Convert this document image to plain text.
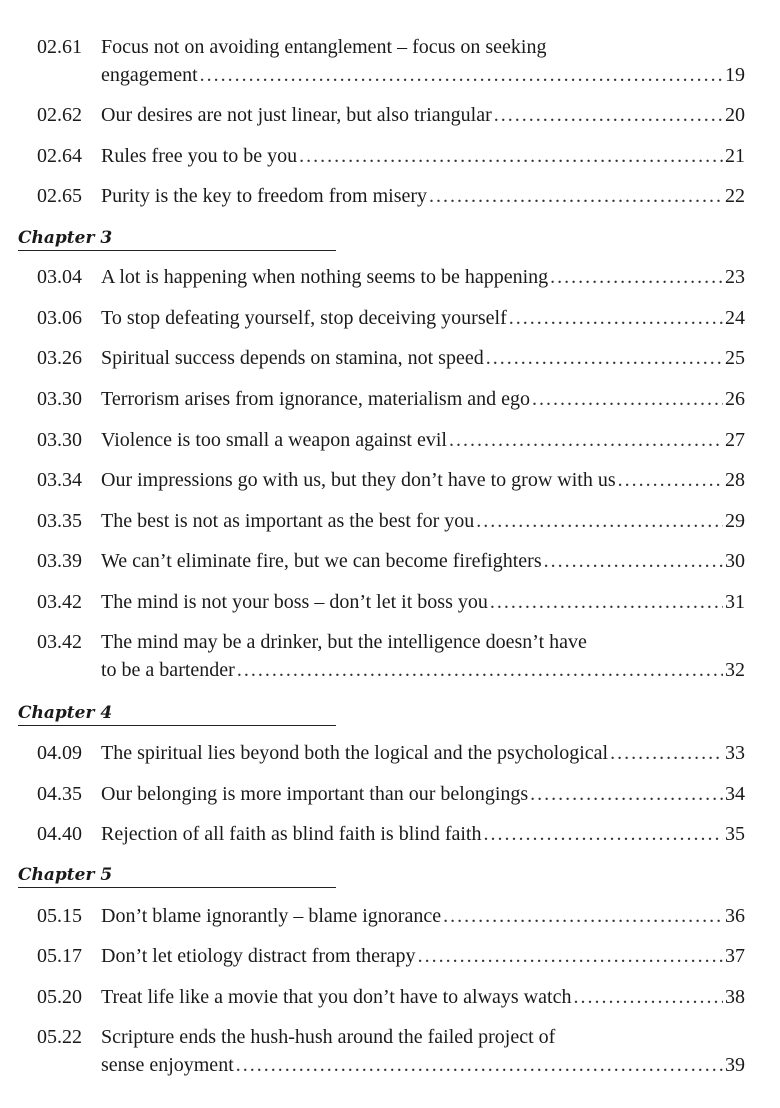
02.61 Focus not on avoiding entanglement – focus on seeking
engagement .....	19
02.62 Our desires are not just linear, but also triangular .....	20
02.64 Rules free you to be you .....	21
02.65 Purity is the key to freedom from misery .....	22
Chapter 3
03.04 A lot is happening when nothing seems to be happening .....	23
03.06 To stop defeating yourself, stop deceiving yourself .....	24
03.26 Spiritual success depends on stamina, not speed .....	25
03.30 Terrorism arises from ignorance, materialism and ego .....	26
03.30 Violence is too small a weapon against evil .....	27
03.34 Our impressions go with us, but they don’t have to grow with us .....	28
03.35 The best is not as important as the best for you .....	29
03.39 We can’t eliminate fire, but we can become firefighters .....	30
03.42 The mind is not your boss – don’t let it boss you .....	31
03.42 The mind may be a drinker, but the intelligence doesn’t have
to be a bartender .....	32
Chapter 4
04.09 The spiritual lies beyond both the logical and the psychological .....	33
04.35 Our belonging is more important than our belongings .....	34
04.40 Rejection of all faith as blind faith is blind faith .....	35
Chapter 5
05.15 Don’t blame ignorantly – blame ignorance .....	36
05.17 Don’t let etiology distract from therapy .....	37
05.20 Treat life like a movie that you don’t have to always watch .....	38
05.22 Scripture ends the hush-hush around the failed project of
sense enjoyment .....	39
